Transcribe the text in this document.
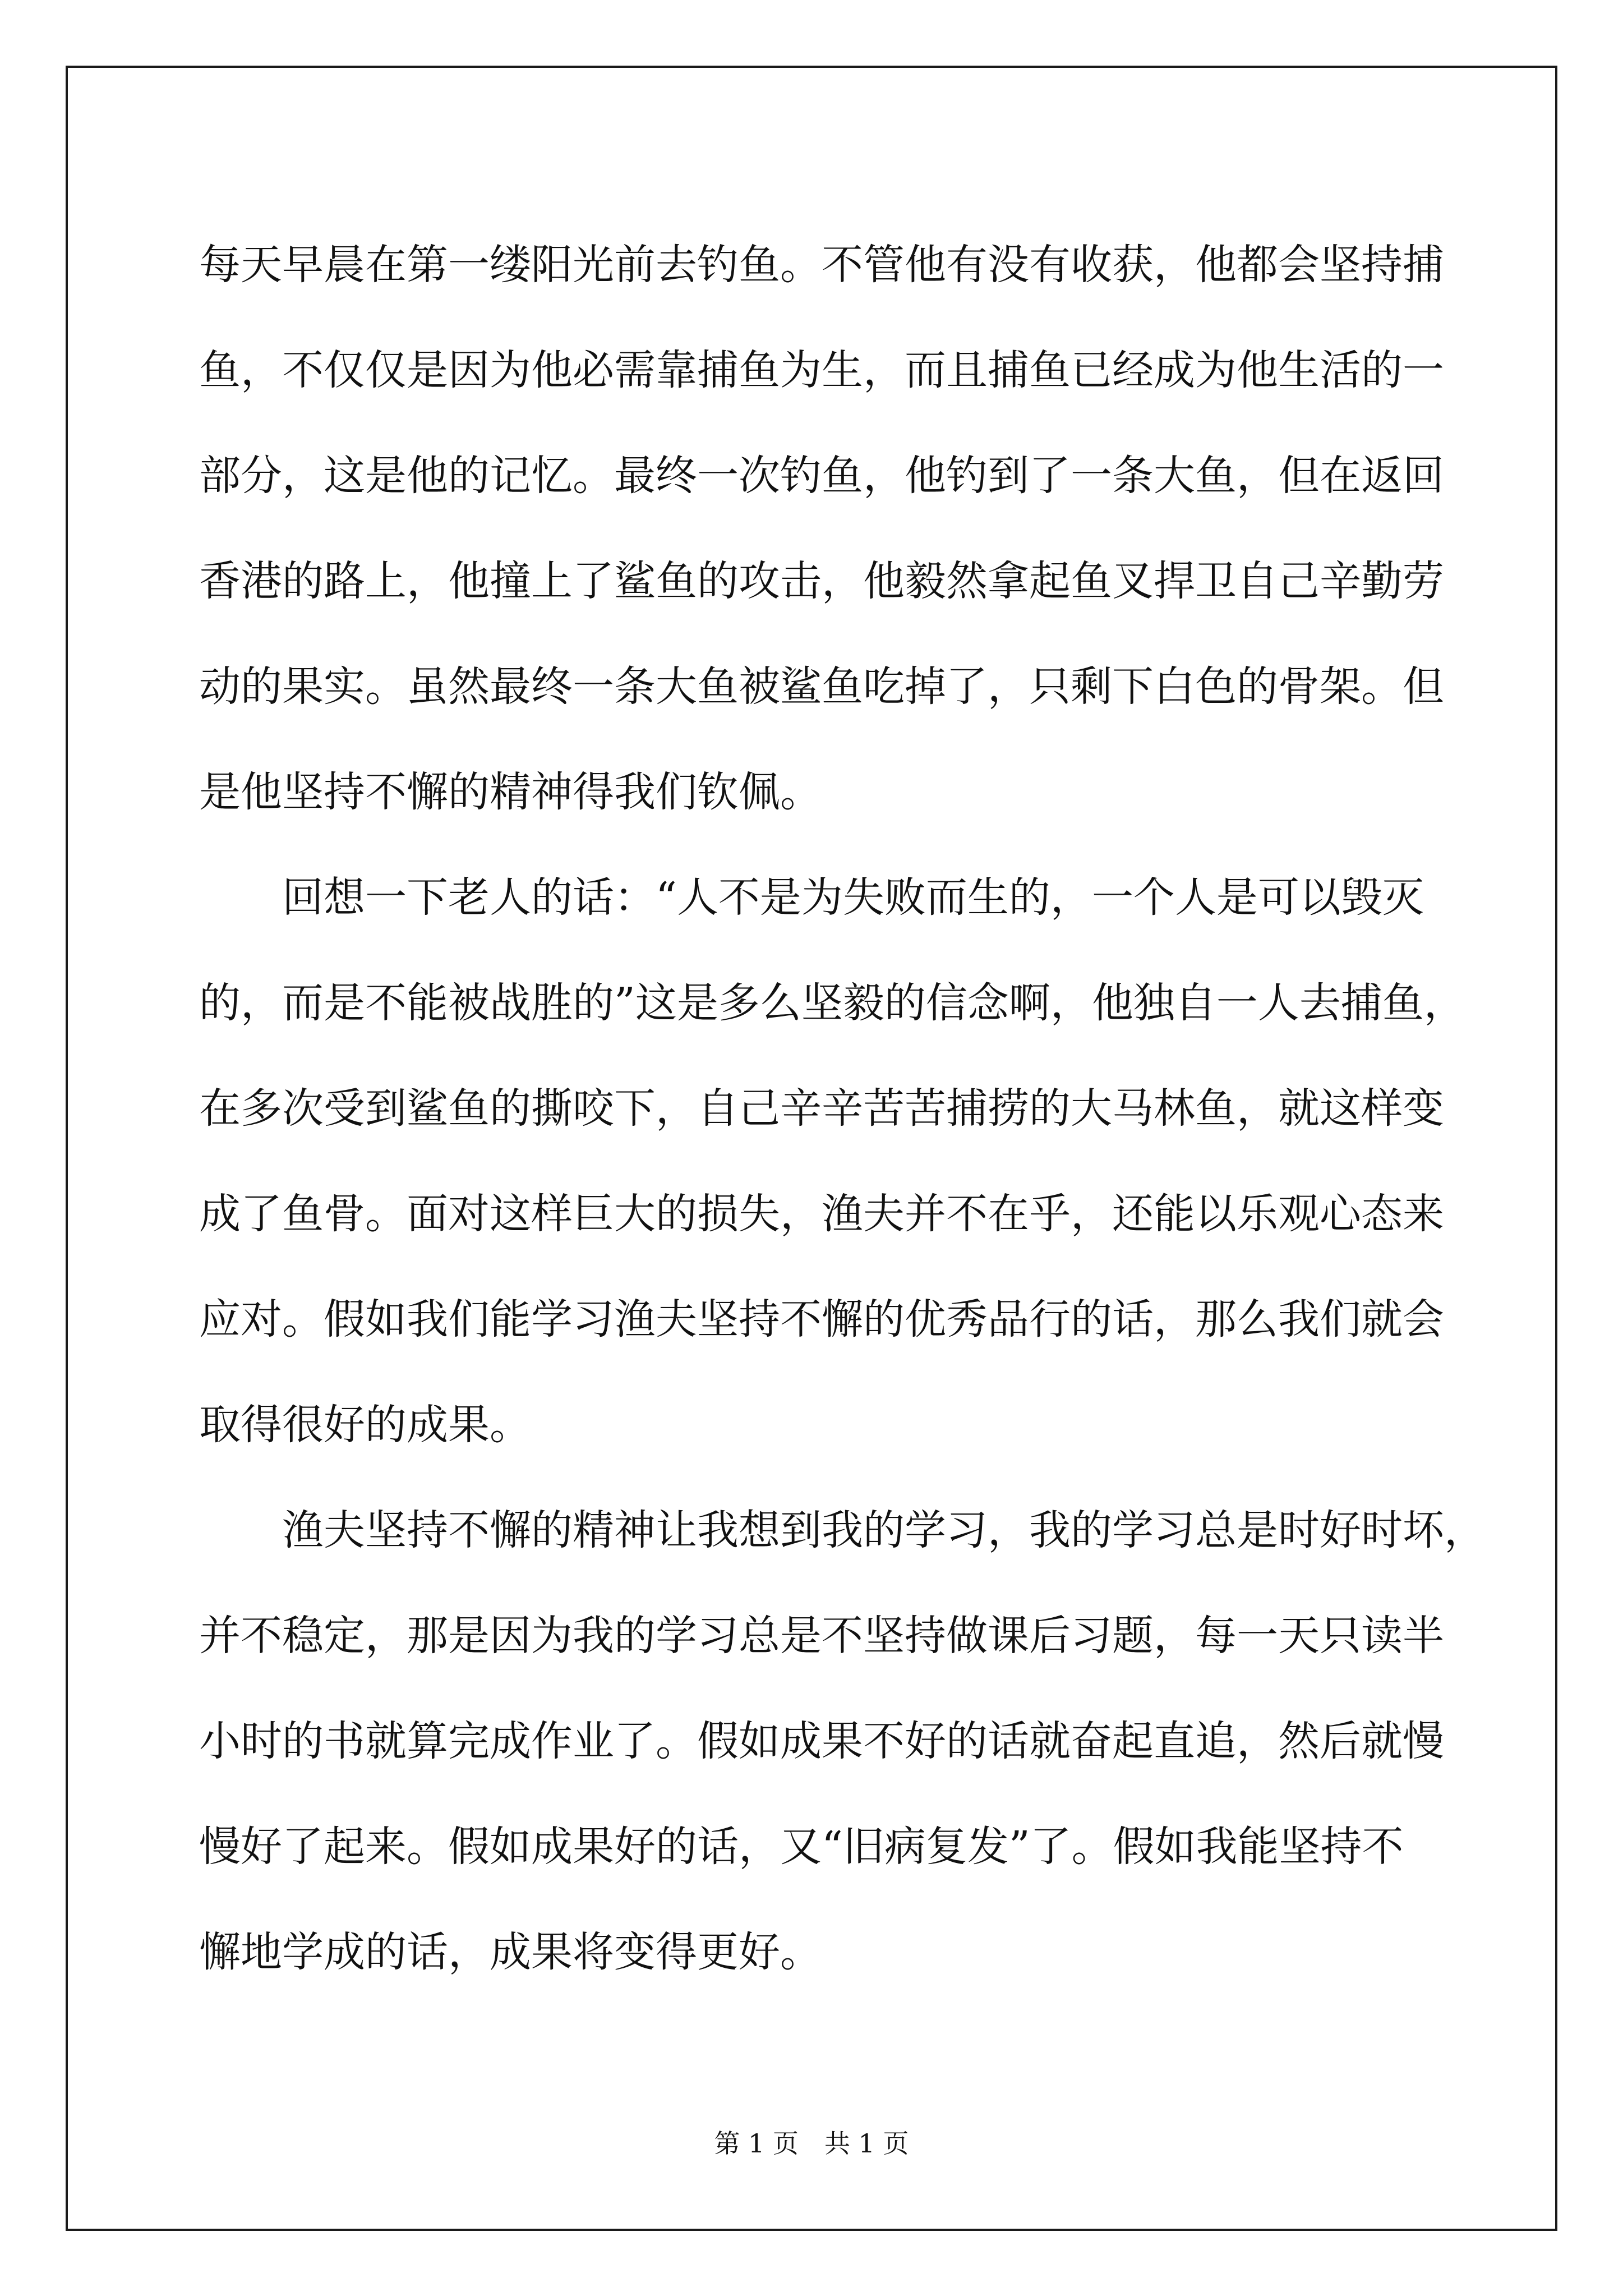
每天早晨在第一缕阳光前去钓鱼。不管他有没有收获，他都会坚持捕

鱼，不仅仅是因为他必需靠捕鱼为生，而且捕鱼已经成为他生活的一

部分，这是他的记忆。最终一次钓鱼，他钓到了一条大鱼，但在返回

香港的路上，他撞上了鲨鱼的攻击，他毅然拿起鱼叉捍卫自己辛勤劳

动的果实。虽然最终一条大鱼被鲨鱼吃掉了，只剩下白色的骨架。但

是他坚持不懈的精神得我们钦佩。

　　回想一下老人的话：“人不是为失败而生的，一个人是可以毁灭

的，而是不能被战胜的”这是多么坚毅的信念啊，他独自一人去捕鱼，

在多次受到鲨鱼的撕咬下，自己辛辛苦苦捕捞的大马林鱼，就这样变

成了鱼骨。面对这样巨大的损失，渔夫并不在乎，还能以乐观心态来

应对。假如我们能学习渔夫坚持不懈的优秀品行的话，那么我们就会

取得很好的成果。

　　渔夫坚持不懈的精神让我想到我的学习，我的学习总是时好时坏，

并不稳定，那是因为我的学习总是不坚持做课后习题，每一天只读半

小时的书就算完成作业了。假如成果不好的话就奋起直追，然后就慢

慢好了起来。假如成果好的话，又“旧病复发”了。假如我能坚持不

懈地学成的话，成果将变得更好。

第 1 页　共 1 页
